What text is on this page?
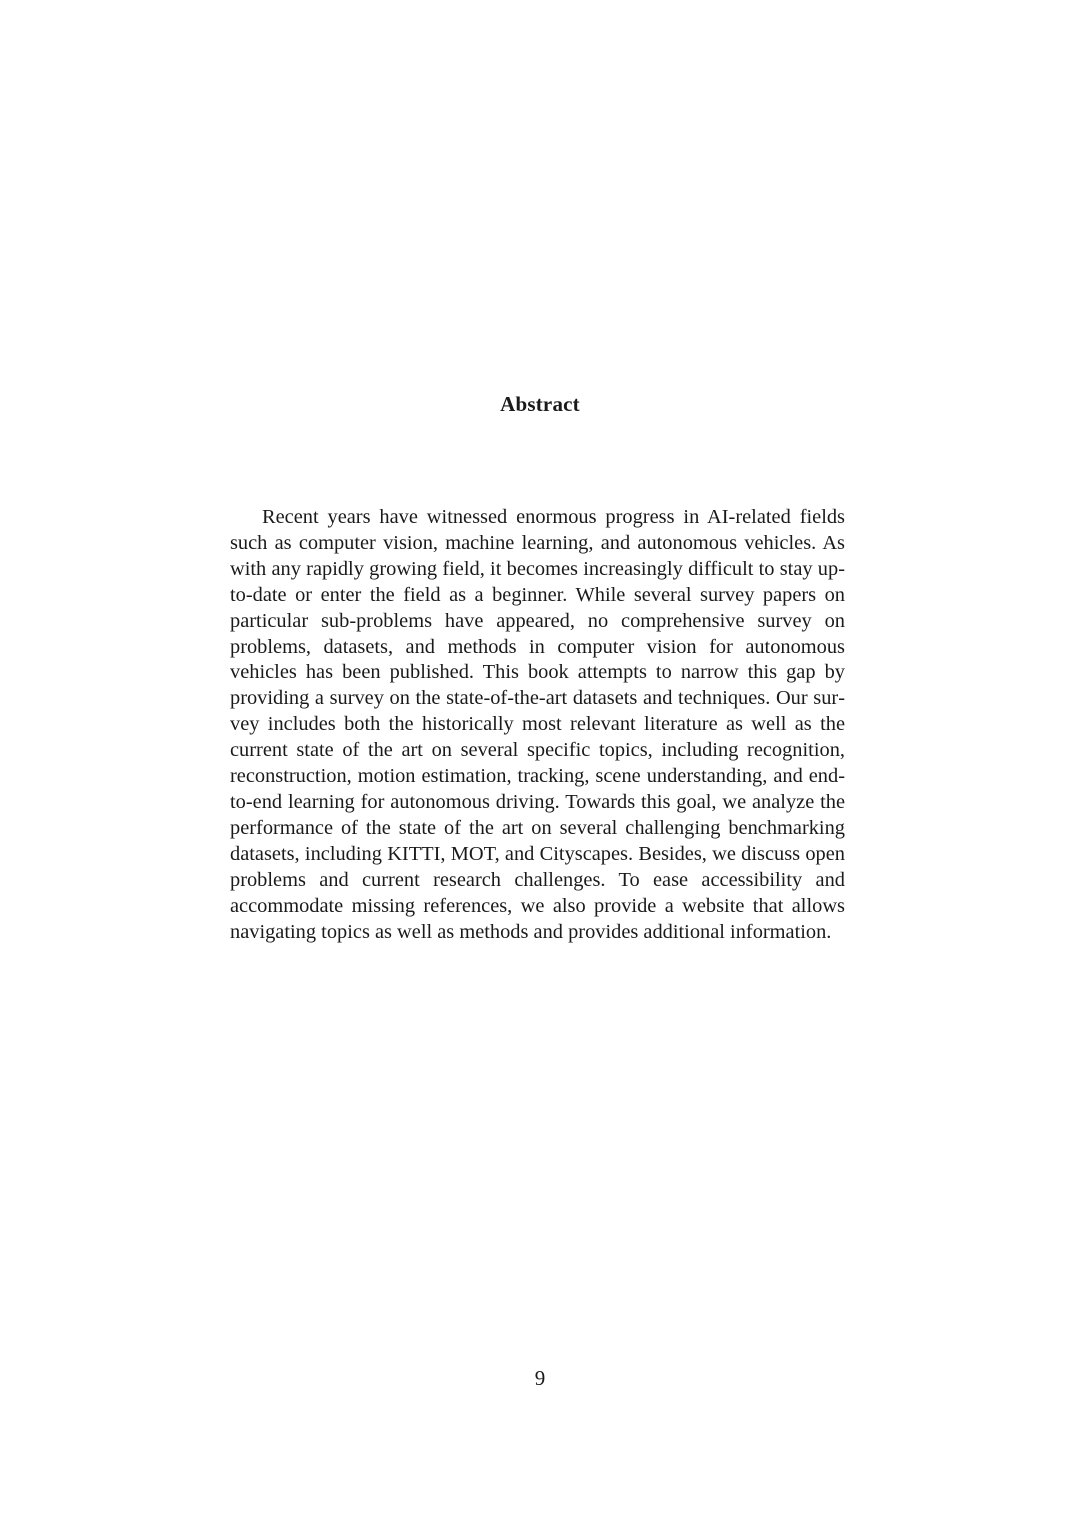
Abstract

Recent years have witnessed enormous progress in AI-related fields such as computer vision, machine learning, and autonomous vehicles. As with any rapidly growing field, it becomes increasingly difficult to stay up-to-date or enter the field as a beginner. While several survey papers on particular sub-problems have appeared, no comprehensive survey on problems, datasets, and methods in computer vision for autonomous vehicles has been published. This book attempts to narrow this gap by providing a survey on the state-of-the-art datasets and techniques. Our survey includes both the historically most relevant literature as well as the current state of the art on several specific topics, including recognition, reconstruction, motion estimation, tracking, scene understanding, and end-to-end learning for autonomous driving. Towards this goal, we analyze the performance of the state of the art on several challenging benchmarking datasets, including KITTI, MOT, and Cityscapes. Besides, we discuss open problems and current research challenges. To ease accessibility and accommodate missing references, we also provide a website that allows navigating topics as well as methods and provides additional information.

9
